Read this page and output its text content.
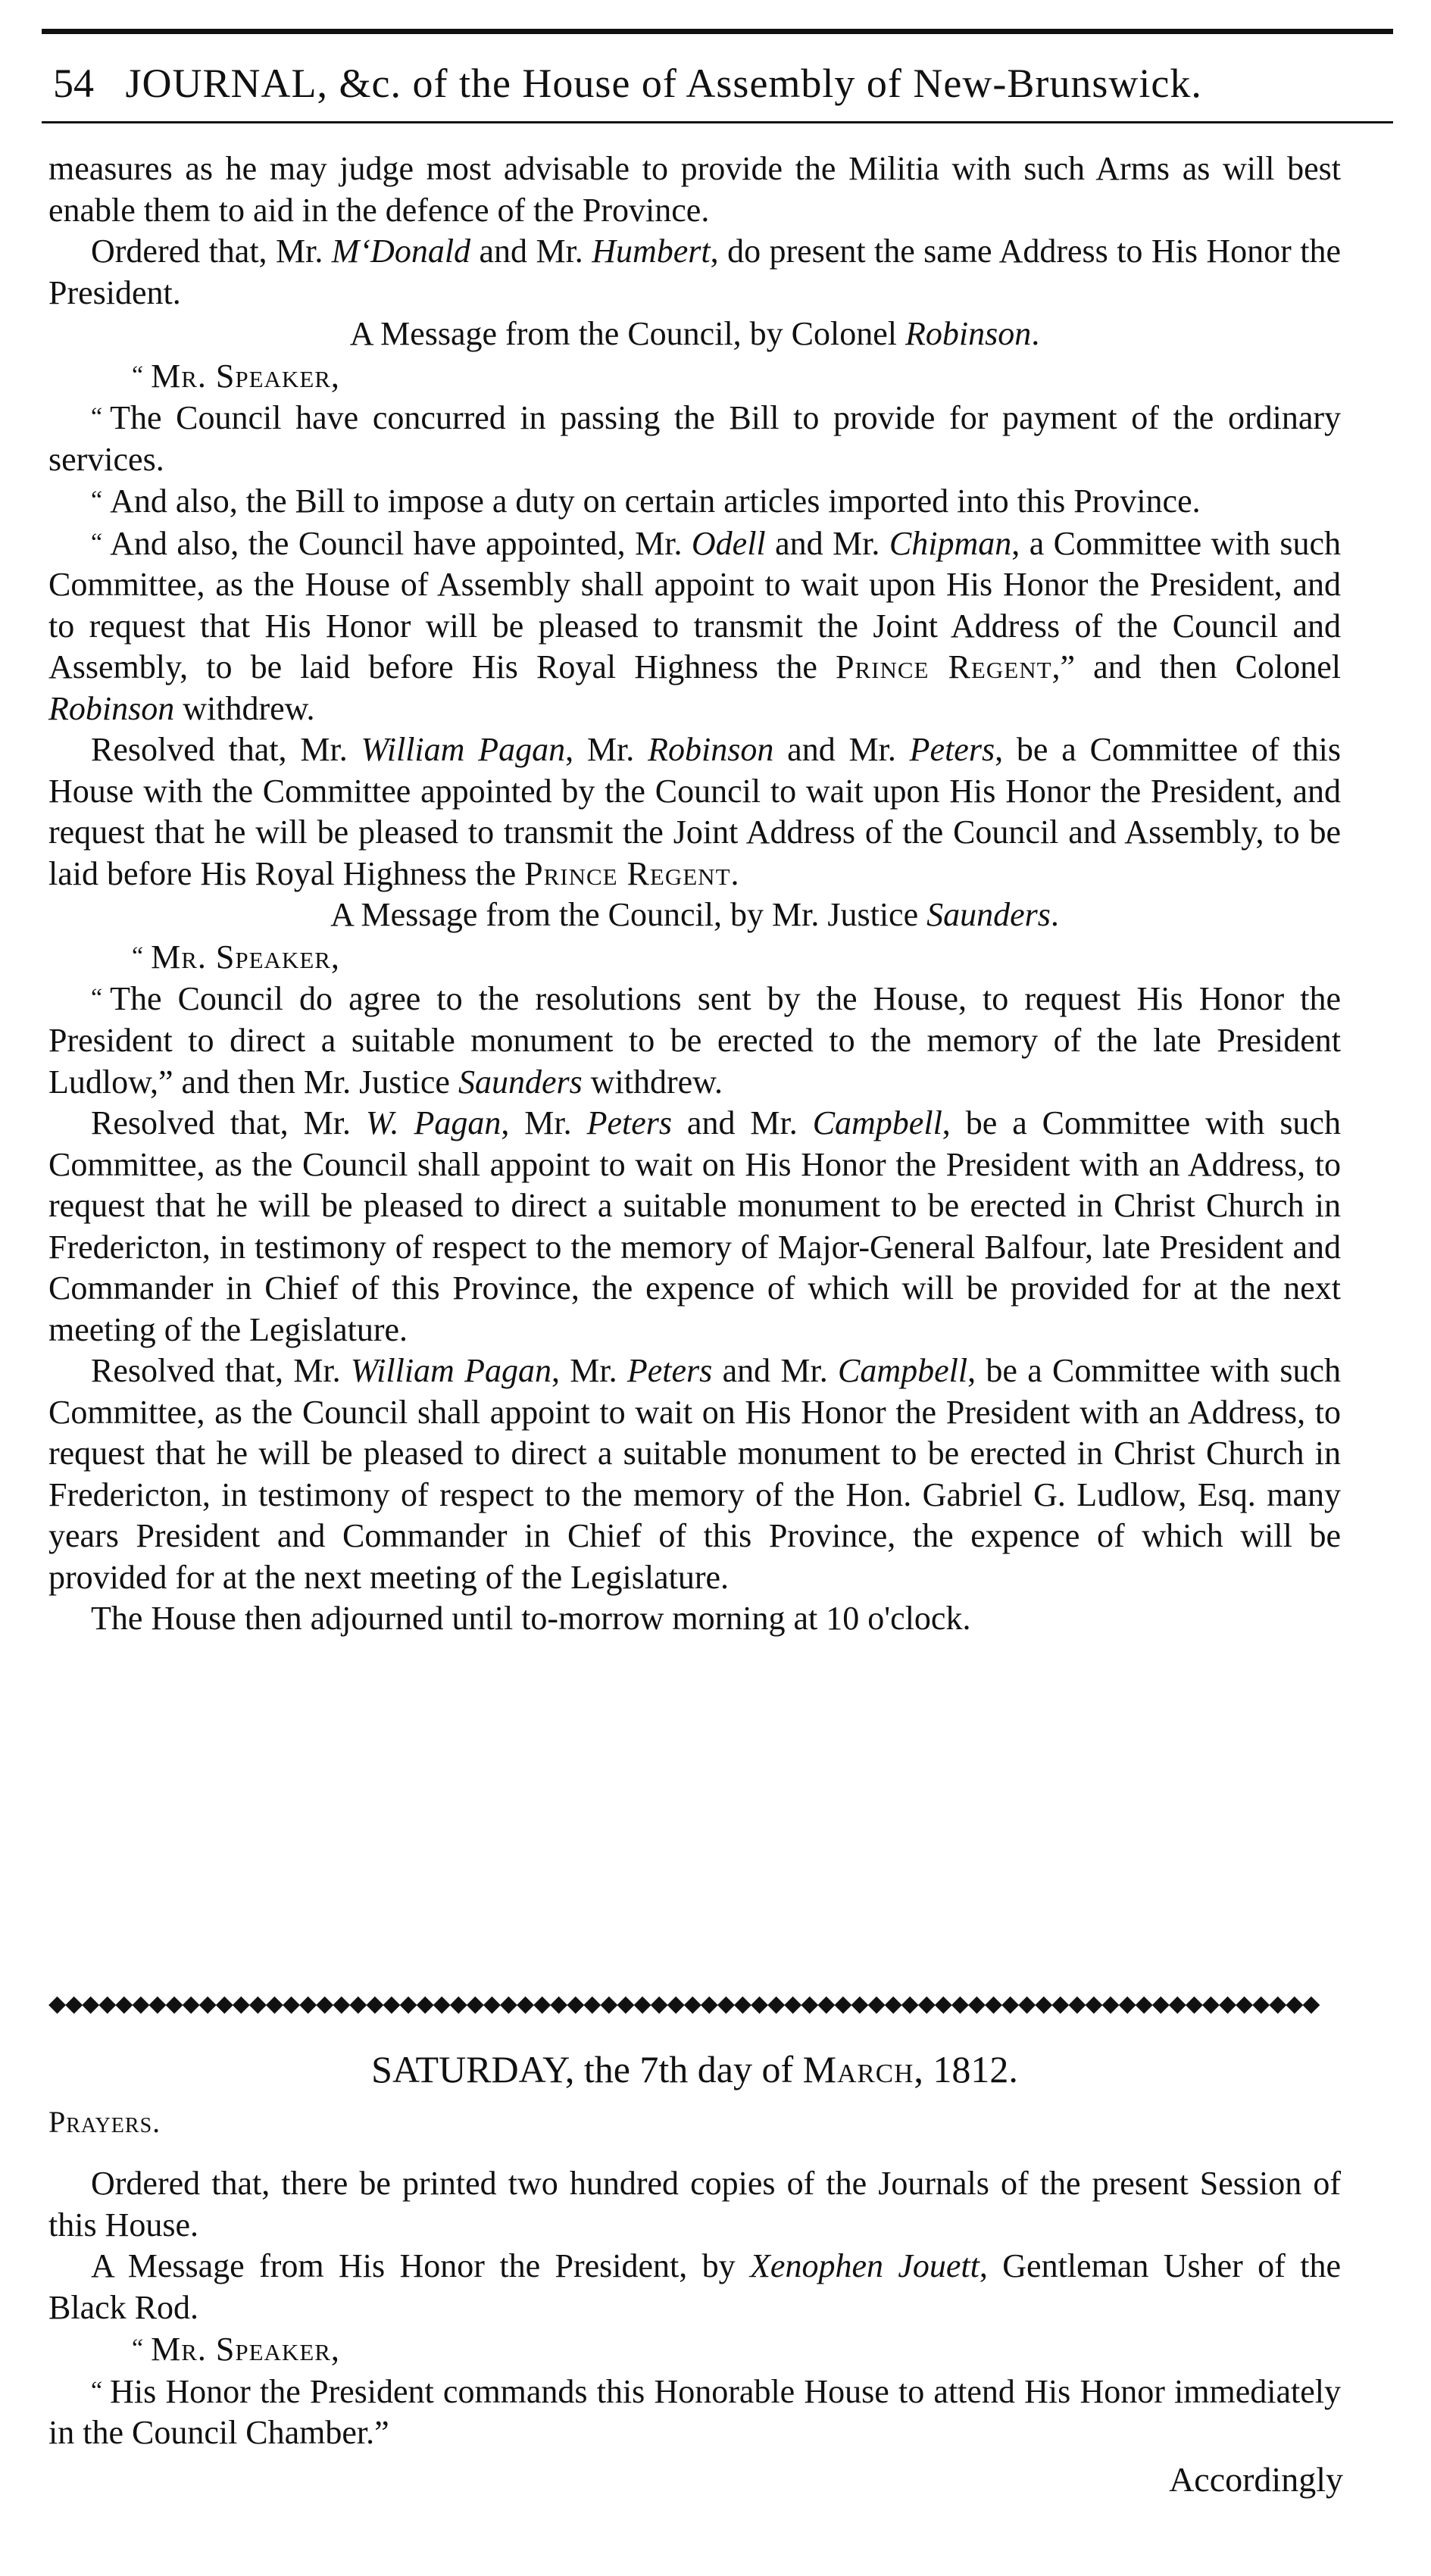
54 JOURNAL, &c. of the House of Assembly of New-Brunswick.

measures as he may judge most advisable to provide the Militia with such Arms as will best enable them to aid in the defence of the Province.

Ordered that, Mr. M‘Donald and Mr. Humbert, do present the same Address to His Honor the President.

A Message from the Council, by Colonel Robinson.

“ Mr. Speaker,

“ The Council have concurred in passing the Bill to provide for payment of the ordinary services.

“ And also, the Bill to impose a duty on certain articles imported into this Province.

“ And also, the Council have appointed, Mr. Odell and Mr. Chipman, a Committee with such Committee, as the House of Assembly shall appoint to wait upon His Honor the President, and to request that His Honor will be pleased to transmit the Joint Address of the Council and Assembly, to be laid before His Royal Highness the Prince Regent,” and then Colonel Robinson withdrew.

Resolved that, Mr. William Pagan, Mr. Robinson and Mr. Peters, be a Committee of this House with the Committee appointed by the Council to wait upon His Honor the President, and request that he will be pleased to transmit the Joint Address of the Council and Assembly, to be laid before His Royal Highness the Prince Regent.

A Message from the Council, by Mr. Justice Saunders.

“ Mr. Speaker,

“ The Council do agree to the resolutions sent by the House, to request His Honor the President to direct a suitable monument to be erected to the memory of the late President Ludlow,” and then Mr. Justice Saunders withdrew.

Resolved that, Mr. W. Pagan, Mr. Peters and Mr. Campbell, be a Committee with such Committee, as the Council shall appoint to wait on His Honor the President with an Address, to request that he will be pleased to direct a suitable monument to be erected in Christ Church in Fredericton, in testimony of respect to the memory of Major-General Balfour, late President and Commander in Chief of this Province, the expence of which will be provided for at the next meeting of the Legislature.

Resolved that, Mr. William Pagan, Mr. Peters and Mr. Campbell, be a Committee with such Committee, as the Council shall appoint to wait on His Honor the President with an Address, to request that he will be pleased to direct a suitable monument to be erected in Christ Church in Fredericton, in testimony of respect to the memory of the Hon. Gabriel G. Ludlow, Esq. many years President and Commander in Chief of this Province, the expence of which will be provided for at the next meeting of the Legislature.

The House then adjourned until to-morrow morning at 10 o'clock.

◆◆◆◆◆◆◆◆◆◆◆◆◆◆◆◆◆◆◆◆◆◆◆◆◆◆◆◆◆◆◆◆◆◆◆◆◆◆◆◆◆◆◆◆◆◆◆◆◆◆◆◆◆◆◆◆◆◆◆◆◆◆◆◆◆◆◆◆◆◆◆◆◆◆◆◆
SATURDAY, the 7th day of March, 1812.
Prayers.

Ordered that, there be printed two hundred copies of the Journals of the present Session of this House.

A Message from His Honor the President, by Xenophen Jouett, Gentleman Usher of the Black Rod.

“ Mr. Speaker,

“ His Honor the President commands this Honorable House to attend His Honor immediately in the Council Chamber.”

Accordingly
